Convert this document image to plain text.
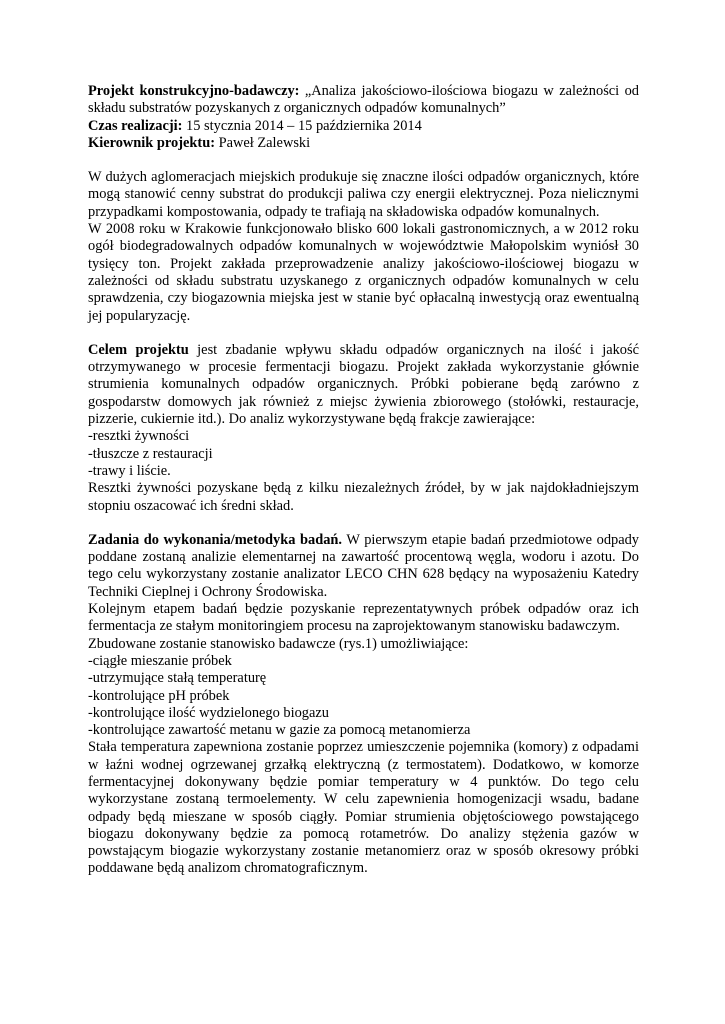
Projekt konstrukcyjno-badawczy: „Analiza jakościowo-ilościowa biogazu w zależności od składu substratów pozyskanych z organicznych odpadów komunalnych”

Czas realizacji: 15 stycznia 2014 – 15 października 2014

Kierownik projektu: Paweł Zalewski

W dużych aglomeracjach miejskich produkuje się znaczne ilości odpadów organicznych, które mogą stanowić cenny substrat do produkcji paliwa czy energii elektrycznej. Poza nielicznymi przypadkami kompostowania, odpady te trafiają na składowiska odpadów komunalnych.

W 2008 roku w Krakowie funkcjonowało blisko 600 lokali gastronomicznych, a w 2012 roku ogół biodegradowalnych odpadów komunalnych w województwie Małopolskim wyniósł 30 tysięcy ton. Projekt zakłada przeprowadzenie analizy jakościowo-ilościowej biogazu w zależności od składu substratu uzyskanego z organicznych odpadów komunalnych w celu sprawdzenia, czy biogazownia miejska jest w stanie być opłacalną inwestycją oraz ewentualną jej popularyzację.

Celem projektu jest zbadanie wpływu składu odpadów organicznych na ilość i jakość otrzymywanego w procesie fermentacji biogazu. Projekt zakłada wykorzystanie głównie strumienia komunalnych odpadów organicznych. Próbki pobierane będą zarówno z gospodarstw domowych jak również z miejsc żywienia zbiorowego (stołówki, restauracje, pizzerie, cukiernie itd.). Do analiz wykorzystywane będą frakcje zawierające:

-resztki żywności

-tłuszcze z restauracji

-trawy i liście.

Resztki żywności pozyskane będą z kilku niezależnych źródeł, by w jak najdokładniejszym stopniu oszacować ich średni skład.

Zadania do wykonania/metodyka badań. W pierwszym etapie badań przedmiotowe odpady poddane zostaną analizie elementarnej na zawartość procentową węgla, wodoru i azotu. Do tego celu wykorzystany zostanie analizator LECO CHN 628 będący na wyposażeniu Katedry Techniki Cieplnej i Ochrony Środowiska.

Kolejnym etapem badań będzie pozyskanie reprezentatywnych próbek odpadów oraz ich fermentacja ze stałym monitoringiem procesu na zaprojektowanym stanowisku badawczym.

Zbudowane zostanie stanowisko badawcze (rys.1) umożliwiające:

-ciągłe mieszanie próbek

-utrzymujące stałą temperaturę

-kontrolujące pH próbek

-kontrolujące ilość wydzielonego biogazu

-kontrolujące zawartość metanu w gazie za pomocą metanomierza

Stała temperatura zapewniona zostanie poprzez umieszczenie pojemnika (komory) z odpadami w łaźni wodnej ogrzewanej grzałką elektryczną (z termostatem). Dodatkowo, w komorze fermentacyjnej dokonywany będzie pomiar temperatury w 4 punktów. Do tego celu wykorzystane zostaną termoelementy. W celu zapewnienia homogenizacji wsadu, badane odpady będą mieszane w sposób ciągły. Pomiar strumienia objętościowego powstającego biogazu dokonywany będzie za pomocą rotametrów. Do analizy stężenia gazów w powstającym biogazie wykorzystany zostanie metanomierz oraz w sposób okresowy próbki poddawane będą analizom chromatograficznym.
